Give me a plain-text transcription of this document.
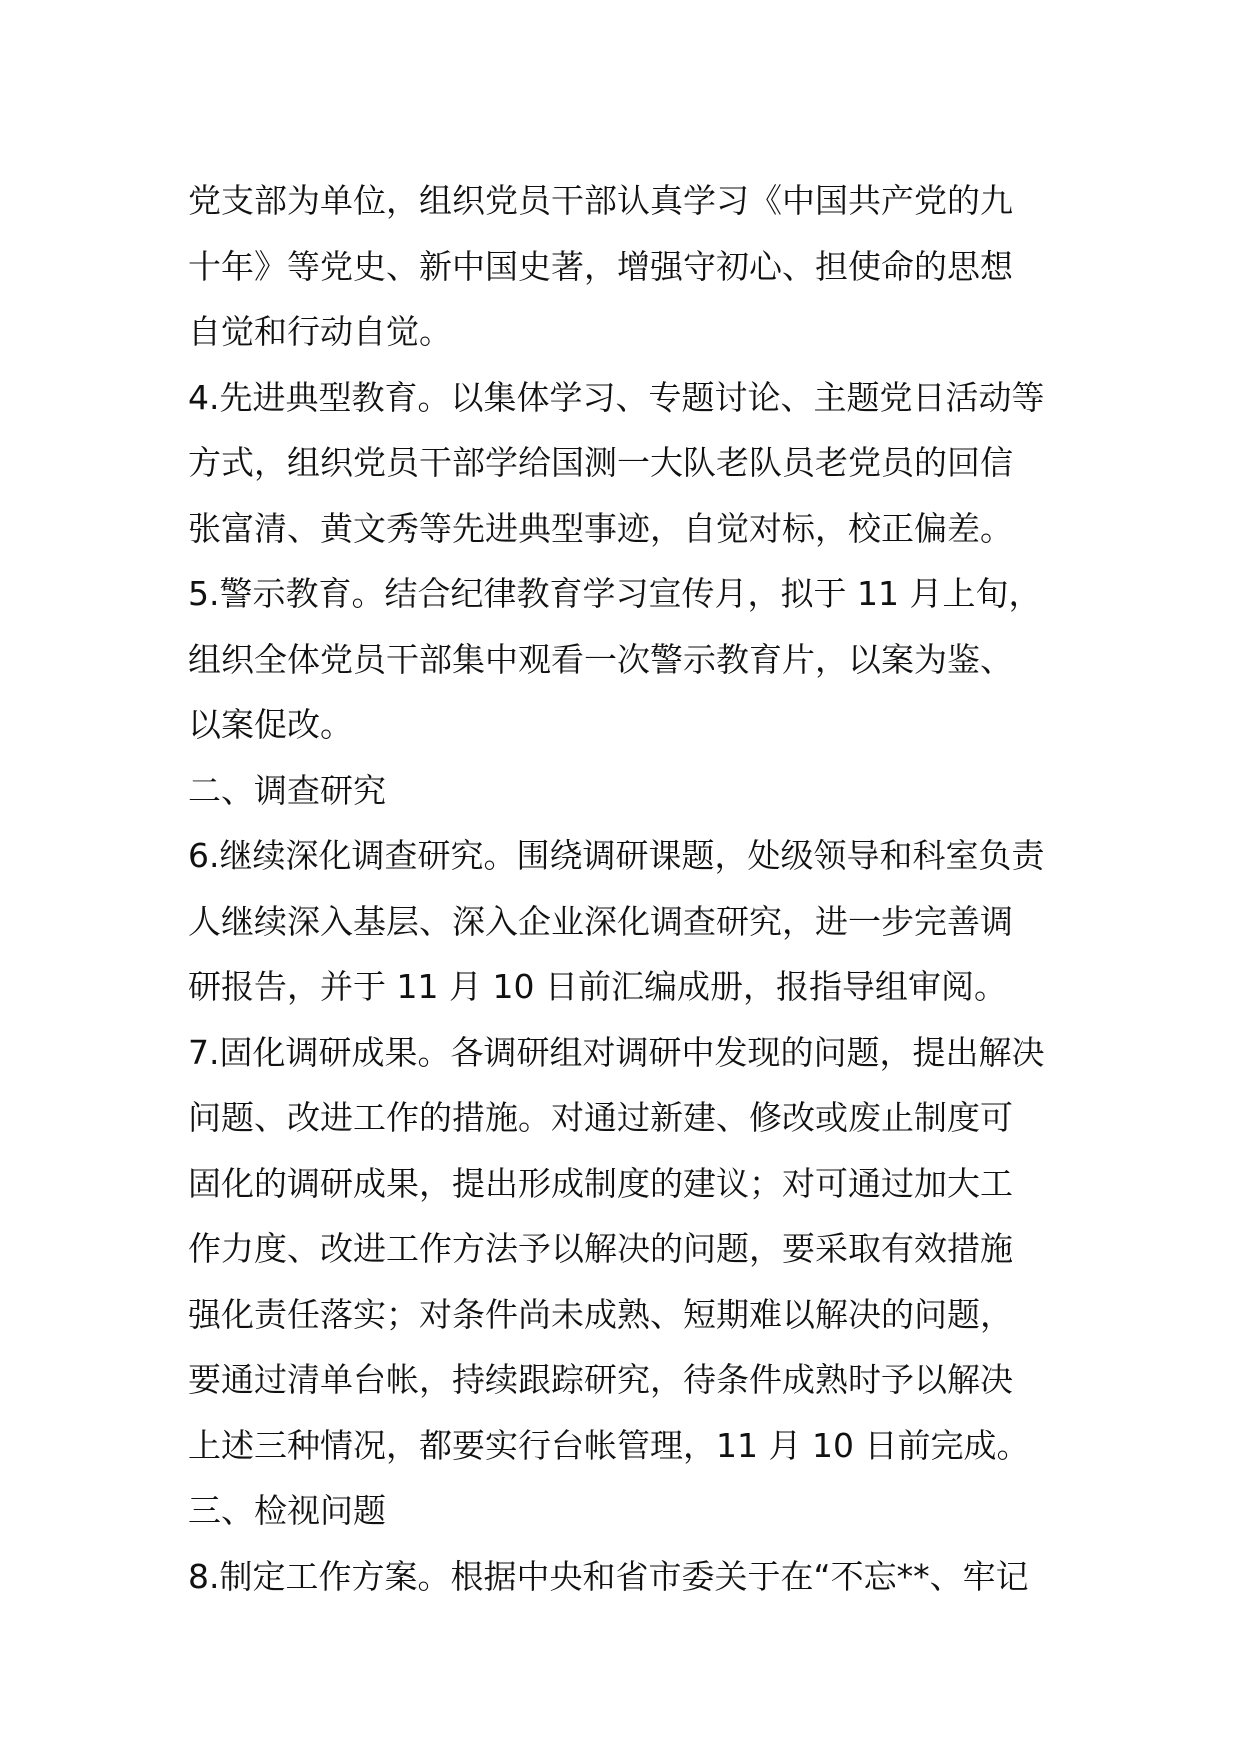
党支部为单位，组织党员干部认真学习《中国共产党的九
十年》等党史、新中国史著，增强守初心、担使命的思想
自觉和行动自觉。
4.先进典型教育。以集体学习、专题讨论、主题党日活动等
方式，组织党员干部学给国测一大队老队员老党员的回信
张富清、黄文秀等先进典型事迹，自觉对标，校正偏差。
5.警示教育。结合纪律教育学习宣传月，拟于 11 月上旬，
组织全体党员干部集中观看一次警示教育片，以案为鉴、
以案促改。
二、调查研究
6.继续深化调查研究。围绕调研课题，处级领导和科室负责
人继续深入基层、深入企业深化调查研究，进一步完善调
研报告，并于 11 月 10 日前汇编成册，报指导组审阅。
7.固化调研成果。各调研组对调研中发现的问题，提出解决
问题、改进工作的措施。对通过新建、修改或废止制度可
固化的调研成果，提出形成制度的建议；对可通过加大工
作力度、改进工作方法予以解决的问题，要采取有效措施
强化责任落实；对条件尚未成熟、短期难以解决的问题，
要通过清单台帐，持续跟踪研究，待条件成熟时予以解决
上述三种情况，都要实行台帐管理，11 月 10 日前完成。
三、检视问题
8.制定工作方案。根据中央和省市委关于在“不忘**、牢记
